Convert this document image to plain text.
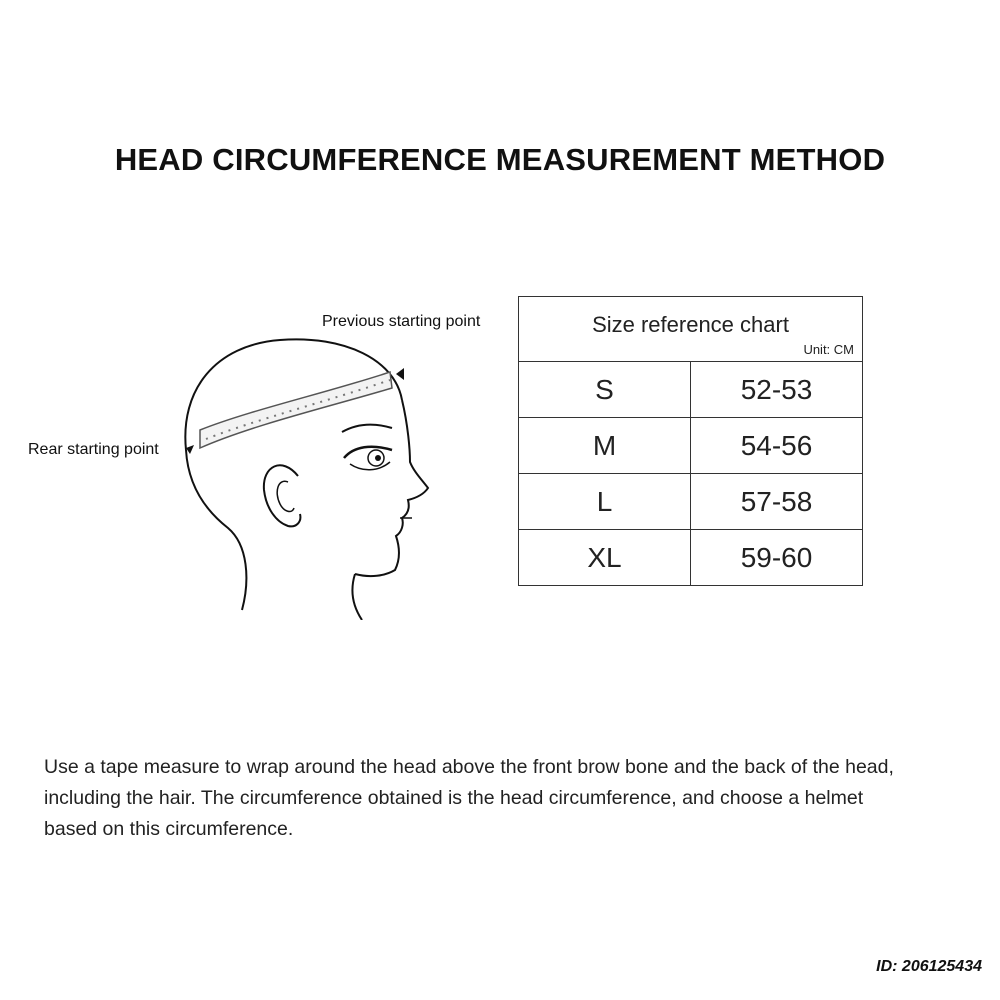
HEAD CIRCUMFERENCE MEASUREMENT METHOD
Previous starting point
Rear starting point
Size reference chart
Unit: CM	

S	52-53
M	54-56
L	57-58
XL	59-60

Use a tape measure to wrap around the head above the front brow bone and the back of the head,

including the hair. The circumference obtained is the head circumference, and choose a helmet

based on this circumference.

ID: 206125434
